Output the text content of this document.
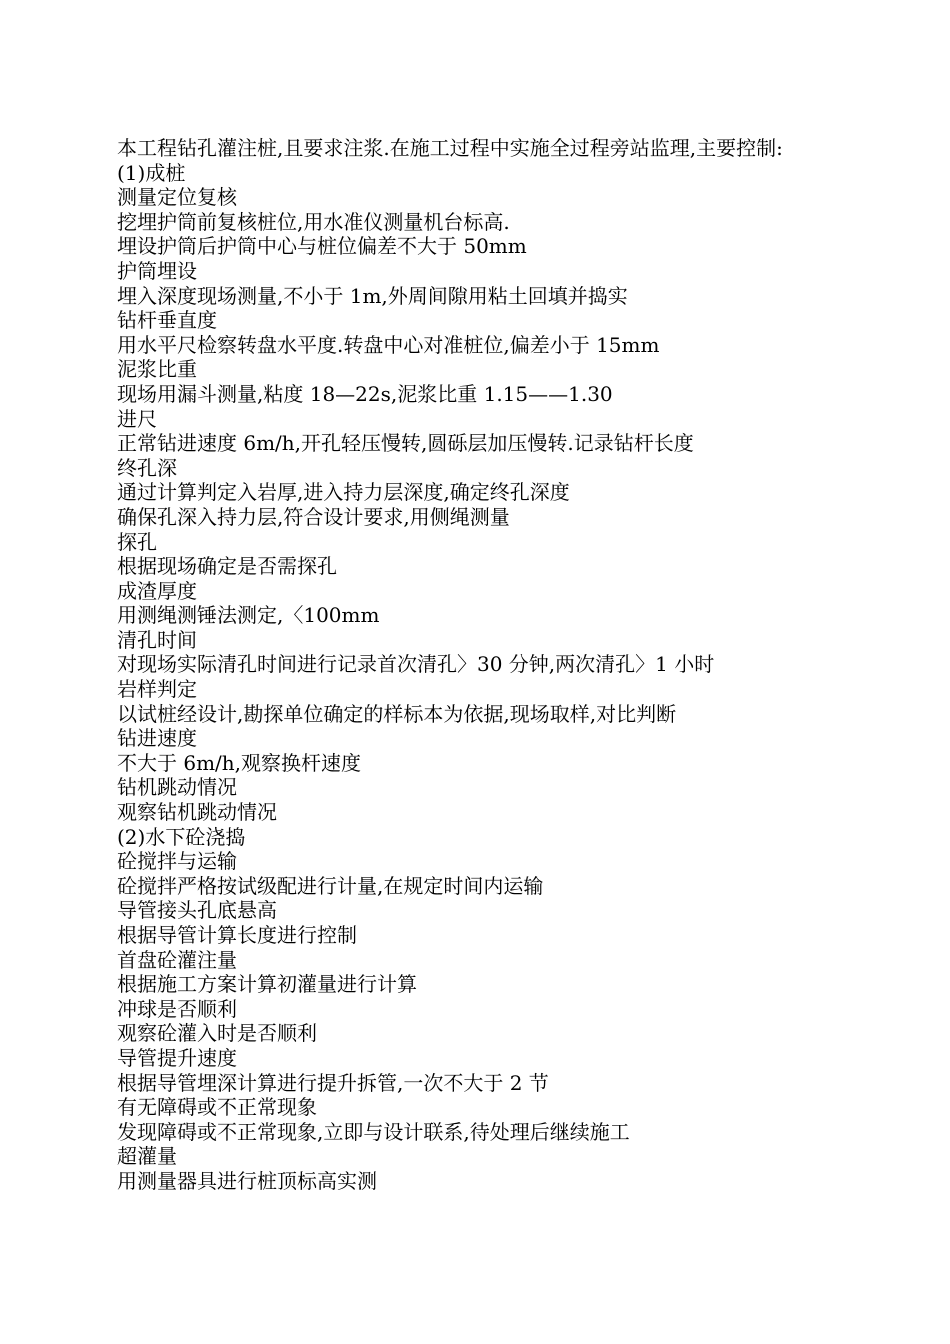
本工程钻孔灌注桩,且要求注浆.在施工过程中实施全过程旁站监理,主要控制:
(1)成桩
测量定位复核
挖埋护筒前复核桩位,用水准仪测量机台标高.
埋设护筒后护筒中心与桩位偏差不大于 50mm
护筒埋设
埋入深度现场测量,不小于 1m,外周间隙用粘土回填并捣实
钻杆垂直度
用水平尺检察转盘水平度.转盘中心对准桩位,偏差小于 15mm
泥浆比重
现场用漏斗测量,粘度 18—22s,泥浆比重 1.15——1.30
进尺
正常钻进速度 6m/h,开孔轻压慢转,圆砾层加压慢转.记录钻杆长度
终孔深
通过计算判定入岩厚,进入持力层深度,确定终孔深度
确保孔深入持力层,符合设计要求,用侧绳测量
探孔
根据现场确定是否需探孔
成渣厚度
用测绳测锤法测定,〈100mm
清孔时间
对现场实际清孔时间进行记录首次清孔〉30 分钟,两次清孔〉1 小时
岩样判定
以试桩经设计,勘探单位确定的样标本为依据,现场取样,对比判断
钻进速度
不大于 6m/h,观察换杆速度
钻机跳动情况
观察钻机跳动情况
(2)水下砼浇捣
砼搅拌与运输
砼搅拌严格按试级配进行计量,在规定时间内运输
导管接头孔底悬高
根据导管计算长度进行控制
首盘砼灌注量
根据施工方案计算初灌量进行计算
冲球是否顺利
观察砼灌入时是否顺利
导管提升速度
根据导管埋深计算进行提升拆管,一次不大于 2 节
有无障碍或不正常现象
发现障碍或不正常现象,立即与设计联系,待处理后继续施工
超灌量
用测量器具进行桩顶标高实测
